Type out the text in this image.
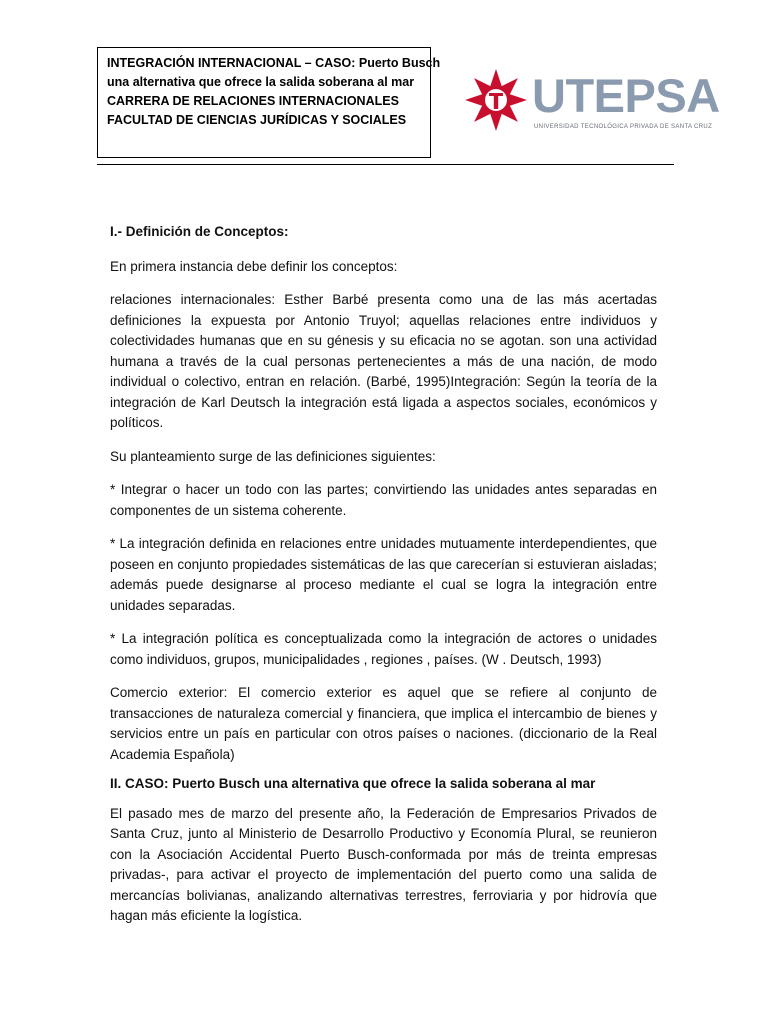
INTEGRACIÓN INTERNACIONAL – CASO: Puerto Busch
una alternativa que ofrece la salida soberana al mar
CARRERA DE RELACIONES INTERNACIONALES
FACULTAD DE CIENCIAS JURÍDICAS Y SOCIALES	UTEPSA
UNIVERSIDAD TECNOLÓGICA PRIVADA DE SANTA CRUZ

I.- Definición de Conceptos:

En primera instancia debe definir los conceptos:

relaciones internacionales: Esther Barbé presenta como una de las más acertadas definiciones la expuesta por Antonio Truyol; aquellas relaciones entre individuos y colectividades humanas que en su génesis y su eficacia no se agotan. son una actividad humana a través de la cual personas pertenecientes a más de una nación, de modo individual o colectivo, entran en relación. (Barbé, 1995)Integración: Según la teoría de la integración de Karl Deutsch la integración está ligada a aspectos sociales, económicos y políticos.

Su planteamiento surge de las definiciones siguientes:

* Integrar o hacer un todo con las partes; convirtiendo las unidades antes separadas en componentes de un sistema coherente.

* La integración definida en relaciones entre unidades mutuamente interdependientes, que poseen en conjunto propiedades sistemáticas de las que carecerían si estuvieran aisladas; además puede designarse al proceso mediante el cual se logra la integración entre unidades separadas.

* La integración política es conceptualizada como la integración de actores o unidades como individuos, grupos, municipalidades , regiones , países. (W . Deutsch, 1993)

Comercio exterior: El comercio exterior es aquel que se refiere al conjunto de transacciones de naturaleza comercial y financiera, que implica el intercambio de bienes y servicios entre un país en particular con otros países o naciones. (diccionario de la Real Academia Española)

II. CASO: Puerto Busch una alternativa que ofrece la salida soberana al mar

El pasado mes de marzo del presente año, la Federación de Empresarios Privados de Santa Cruz, junto al Ministerio de Desarrollo Productivo y Economía Plural, se reunieron con la Asociación Accidental Puerto Busch-conformada por más de treinta empresas privadas-, para activar el proyecto de implementación del puerto como una salida de mercancías bolivianas, analizando alternativas terrestres, ferroviaria y por hidrovía que hagan más eficiente la logística.
